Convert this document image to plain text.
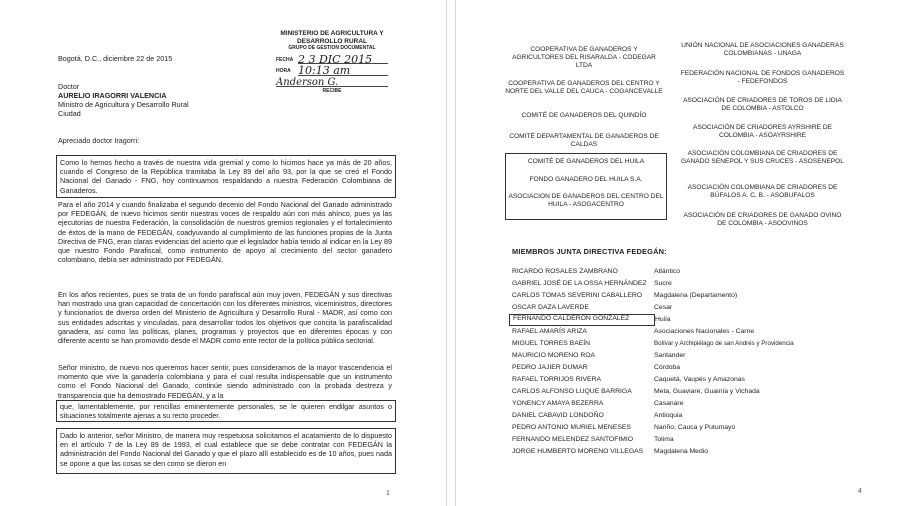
Bogotá, D.C., diciembre 22 de 2015
MINISTERIO DE AGRICULTURA Y DESARROLLO RURAL
GRUPO DE GESTION DOCUMENTAL
FECHA 2 3 DIC 2015
HORA 10:13 am
Anderson G.
RECIBE
Doctor
AURELIO IRAGORRI VALENCIA
Ministro de Agricultura y Desarrollo Rural
Ciudad
Apreciado doctor Iragorri:
Como lo hemos hecho a través de nuestra vida gremial y como lo hicimos hace ya más de 20 años, cuando el Congreso de la República tramitaba la Ley 89 del año 93, por la que se creó el Fondo Nacional del Ganado - FNG, hoy continuamos respaldando a nuestra Federación Colombiana de Ganaderos.
Para el año 2014 y cuando finalizaba el segundo decenio del Fondo Nacional del Ganado administrado por FEDEGÁN, de nuevo hicimos sentir nuestras voces de respaldo aún con más ahínco, pues ya las ejecutorias de nuestra Federación, la consolidación de nuestros gremios regionales y el fortalecimiento de éxtos de la mano de FEDEGÁN, coadyuvando al cumplimiento de las funciones propias de la Junta Directiva de FNG, eran claras evidencias del acierto que el legislador había tenido al indicar en la Ley 89 que nuestro Fondo Parafiscal, como instrumento de apoyo al crecimiento del sector ganadero colombiano, debía ser administrado por FEDEGÁN.
En los años recientes, pues se trata de un fondo parafiscal aún muy joven, FEDEGÁN y sus directivas han mostrado una gran capacidad de concertación con los diferentes ministros, viceministros, directores y funcionarios de diverso orden del Ministerio de Agricultura y Desarrollo Rural - MADR, así como con sus entidades adscritas y vinculadas, para desarrollar todos los objetivos que concita la parafiscalidad ganadera, así como las políticas, planes, programas y proyectos que en diferentes épocas y con diferente acento se han promovido desde el MADR como ente rector de la política pública sectorial.
Señor ministro, de nuevo nos queremos hacer sentir, pues consideramos de la mayor trascendencia el momento que vive la ganadería colombiana y para el cual resulta indispensable que un instrumento como el Fondo Nacional del Ganado, continúe siendo administrado con la probada destreza y transparencia que ha demostrado FEDEGÁN, y a la
que, lamentablemente, por rencillas eminentemente personales, se le quieren endilgar asuntos o situaciones totalmente ajenas a su recto proceder.
Dado lo anterior, señor Ministro, de manera muy respetuosa solicitamos el acatamiento de lo dispuesto en el artículo 7 de la Ley 89 de 1993, el cual establece que se debe contratar con FEDEGÁN la administración del Fondo Nacional del Ganado y que el plazo allí establecido es de 10 años, pues nada se opone a que las cosas se den como se dieron en
1
COOPERATIVA DE GANADEROS Y AGRICULTORES DEL RISARALDA - CODEGAR LTDA
COOPERATIVA DE GANADEROS DEL CENTRO Y NORTE DEL VALLE DEL CAUCA - COGANCEVALLE
COMITÉ DE GANADEROS DEL QUINDÍO
COMITÉ DEPARTAMENTAL DE GANADEROS DE CALDAS
COMITÉ DE GANADEROS DEL HUILA
FONDO GANADERO DEL HUILA S.A.
ASOCIACION DE GANADEROS DEL CENTRO DEL HUILA - ASOGACENTRO
UNIÓN NACIONAL DE ASOCIACIONES GANADERAS COLOMBIANAS - UNAGA
FEDERACIÓN NACIONAL DE FONDOS GANADEROS - FEDEFONDOS
ASOCIACIÓN DE CRIADORES DE TOROS DE LIDIA DE COLOMBIA - ASTOLCO
ASOCIACIÓN DE CRIADORES AYRSHIRE DE COLOMBIA - ASOAYRSHIRE
ASOCIACIÓN COLOMBIANA DE CRIADORES DE GANADO SENEPOL Y SUS CRUCES - ASOSENEPOL
ASOCIACIÓN COLOMBIANA DE CRIADORES DE BÚFALOS A. C. B. - ASOBUFALOS
ASOCIACIÓN DE CRIADORES DE GANADO OVINO DE COLOMBIA - ASOOVINOS
MIEMBROS JUNTA DIRECTIVA FEDEGÁN:
RICARDO ROSALES ZAMBRANO	Atlántico
GABRIEL JOSÉ DE LA OSSA HERNÁNDEZ	Sucre
CARLOS TOMAS SEVERINI CABALLERO	Magdalena (Departamento)
OSCAR DAZA LAVERDE	Cesar
FERNANDO CALDERÓN GONZÁLEZ	Huila
RAFAEL AMARÍS ARIZA	Asociaciones Nacionales - Carne
MIGUEL TORRES BAEÍN	Bolívar y Archipiélago de san Andrés y Providencia
MAURICIO MORENO ROA	Santander
PEDRO JAJIER DUMAR	Córdoba
RAFAEL TORRIJOS RIVERA	Caquetá, Vaupés y Amazonas
CARLOS ALFONSO LUQUE BARRIGA	Meta, Guaviare, Guainía y Vichada
YONENCY AMAYA BEZERRA	Casanare
DANIEL CABAVID LONDOÑO	Antioquia
PEDRO ANTONIO MURIEL MENESES	Nariño, Cauca y Putumayo
FERNANDO MELENDEZ SANTOFIMIO	Tolima
JORGE HUMBERTO MORENO VILLEGAS	Magdalena Medio
4
